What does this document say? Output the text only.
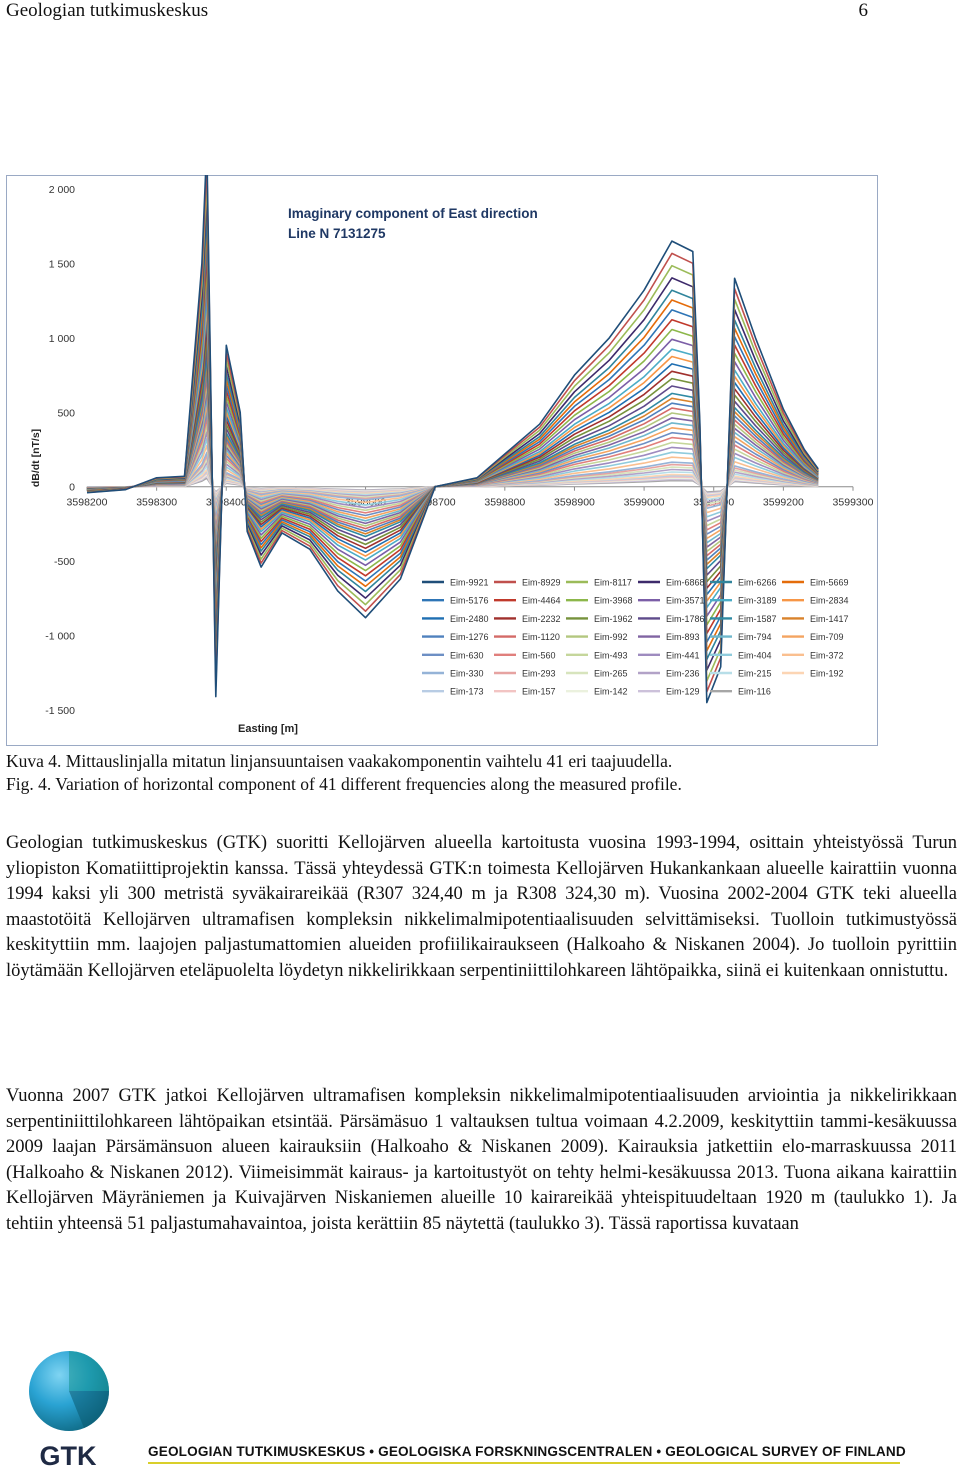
Geologian tutkimuskeskus	6
2 000
1 500
1 000
500
0
-500
-1 000
-1 500
3598200	3598300	3598400	3598500	3598600	3598700	3598800	3598900	3599000	3599100	3599200	3599300
Eim-9921	Eim-8929	Eim-8117	Eim-6868	Eim-6266	Eim-5669
Eim-5176	Eim-4464	Eim-3968	Eim-3571	Eim-3189	Eim-2834
Eim-2480	Eim-2232	Eim-1962	Eim-1786	Eim-1587	Eim-1417
Eim-1276	Eim-1120	Eim-992	Eim-893	Eim-794	Eim-709
Eim-630	Eim-560	Eim-493	Eim-441	Eim-404	Eim-372
Eim-330	Eim-293	Eim-265	Eim-236	Eim-215	Eim-192
Eim-173	Eim-157	Eim-142	Eim-129	Eim-116
Imaginary component of East direction
Line N 7131275
dB/dt [nT/s]
Easting [m]
Kuva 4. Mittauslinjalla mitatun linjansuuntaisen vaakakomponentin vaihtelu 41 eri taajuudella.
Fig. 4. Variation of horizontal component of 41 different frequencies along the measured profile.
Geologian tutkimuskeskus (GTK) suoritti Kellojärven alueella kartoitusta vuosina 1993-1994, osittain yhteistyössä Turun yliopiston Komatiittiprojektin kanssa. Tässä yhteydessä GTK:n toimesta Kellojärven Hukankankaan alueelle kairattiin vuonna 1994 kaksi yli 300 metristä syväkairareikää (R307 324,40 m ja R308 324,30 m). Vuosina 2002-2004 GTK teki alueella maastotöitä Kellojärven ultramafisen kompleksin nikkelimalmipotentiaalisuuden selvittämiseksi. Tuolloin tutkimustyössä keskityttiin mm. laajojen paljastumattomien alueiden profiilikairaukseen (Halkoaho & Niskanen 2004). Jo tuolloin pyrittiin löytämään Kellojärven eteläpuolelta löydetyn nikkelirikkaan serpentiniittilohkareen lähtöpaikka, siinä ei kuitenkaan onnistuttu.
Vuonna 2007 GTK jatkoi Kellojärven ultramafisen kompleksin nikkelimalmipotentiaalisuuden arviointia ja nikkelirikkaan serpentiniittilohkareen lähtöpaikan etsintää. Pärsämäsuo 1 valtauksen tultua voimaan 4.2.2009, keskityttiin tammi-kesäkuussa 2009 laajan Pärsämänsuon alueen kairauksiin (Halkoaho & Niskanen 2009). Kairauksia jatkettiin elo-marraskuussa 2011 (Halkoaho & Niskanen 2012). Viimeisimmät kairaus- ja kartoitustyöt on tehty helmi-kesäkuussa 2013. Tuona aikana kairattiin Kellojärven Mäyräniemen ja Kuivajärven Niskaniemen alueille 10 kairareikää yhteispituudeltaan 1920 m (taulukko 1). Ja tehtiin yhteensä 51 paljastumahavaintoa, joista kerättiin 85 näytettä (taulukko 3). Tässä raportissa kuvataan
GTK	GEOLOGIAN TUTKIMUSKESKUS • GEOLOGISKA FORSKNINGSCENTRALEN • GEOLOGICAL SURVEY OF FINLAND
